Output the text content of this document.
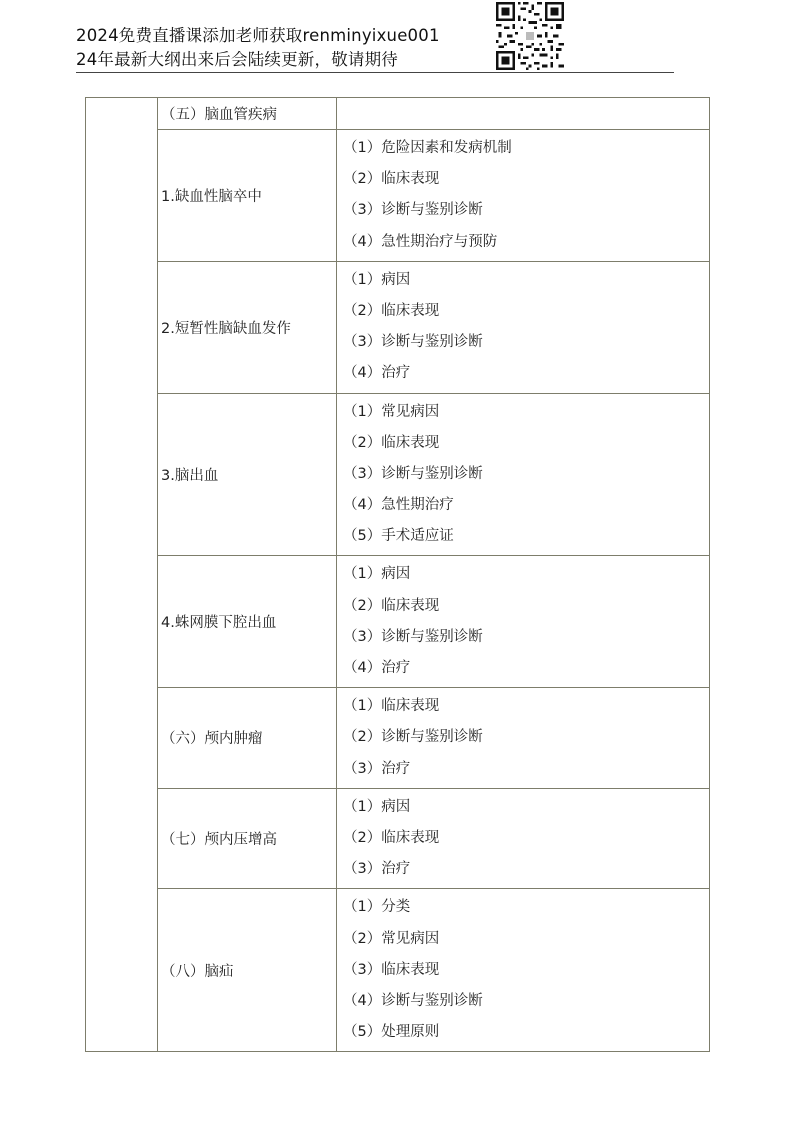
2024免费直播课添加老师获取renminyixue001
24年最新大纲出来后会陆续更新，敬请期待
	（五）脑血管疾病	
	1.缺血性脑卒中	（1）危险因素和发病机制
（2）临床表现
（3）诊断与鉴别诊断
（4）急性期治疗与预防

	2.短暂性脑缺血发作	（1）病因
（2）临床表现
（3）诊断与鉴别诊断
（4）治疗

	3.脑出血	（1）常见病因
（2）临床表现
（3）诊断与鉴别诊断
（4）急性期治疗
（5）手术适应证

	4.蛛网膜下腔出血	（1）病因
（2）临床表现
（3）诊断与鉴别诊断
（4）治疗

	（六）颅内肿瘤	（1）临床表现
（2）诊断与鉴别诊断
（3）治疗

	（七）颅内压增高	（1）病因
（2）临床表现
（3）治疗

	（八）脑疝	（1）分类
（2）常见病因
（3）临床表现
（4）诊断与鉴别诊断
（5）处理原则
